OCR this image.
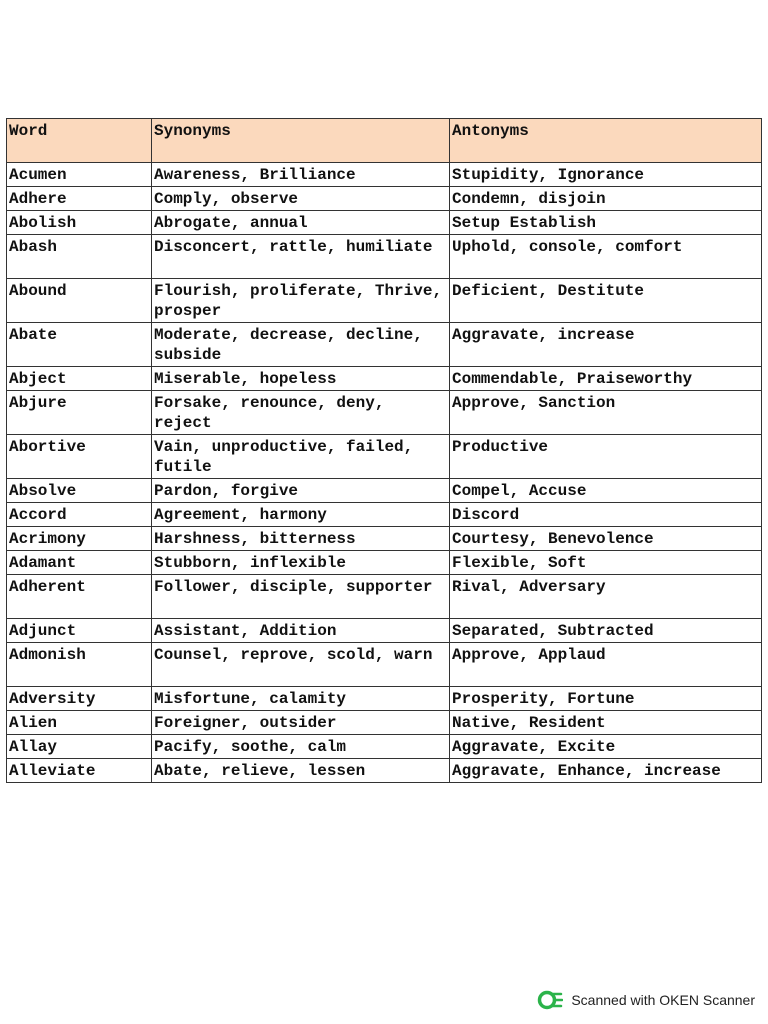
Word	Synonyms	Antonyms
Acumen	Awareness, Brilliance	Stupidity, Ignorance
Adhere	Comply, observe	Condemn, disjoin
Abolish	Abrogate, annual	Setup Establish
Abash	Disconcert, rattle, humiliate	Uphold, console, comfort
Abound	Flourish, proliferate, Thrive, prosper	Deficient, Destitute
Abate	Moderate, decrease, decline, subside	Aggravate, increase
Abject	Miserable, hopeless	Commendable, Praiseworthy
Abjure	Forsake, renounce, deny, reject	Approve, Sanction
Abortive	Vain, unproductive, failed, futile	Productive
Absolve	Pardon, forgive	Compel, Accuse
Accord	Agreement, harmony	Discord
Acrimony	Harshness, bitterness	Courtesy, Benevolence
Adamant	Stubborn, inflexible	Flexible, Soft
Adherent	Follower, disciple, supporter	Rival, Adversary
Adjunct	Assistant, Addition	Separated, Subtracted
Admonish	Counsel, reprove, scold, warn	Approve, Applaud
Adversity	Misfortune, calamity	Prosperity, Fortune
Alien	Foreigner, outsider	Native, Resident
Allay	Pacify, soothe, calm	Aggravate, Excite
Alleviate	Abate, relieve, lessen	Aggravate, Enhance, increase
Scanned with OKEN Scanner
